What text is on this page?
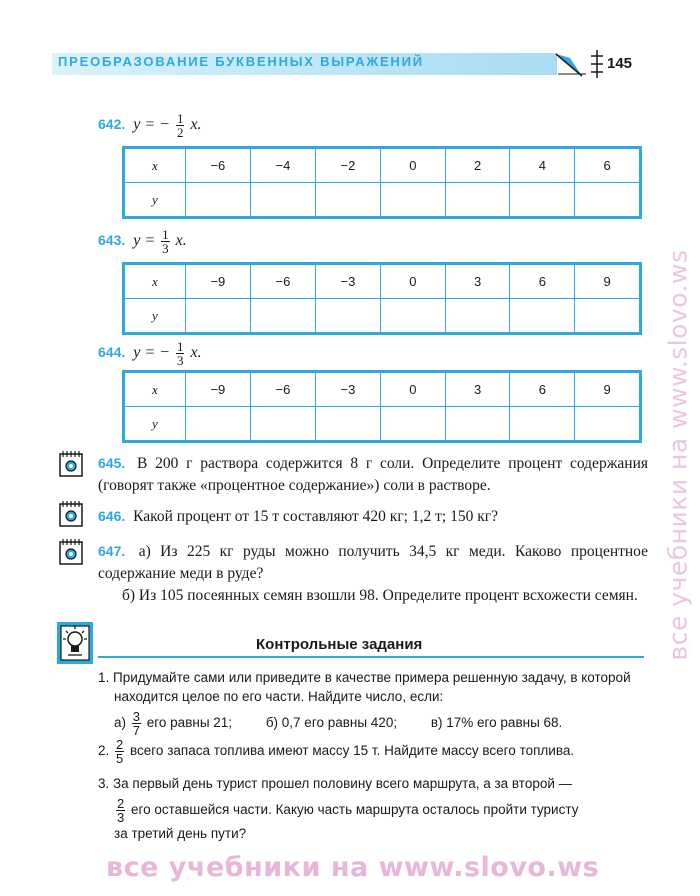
ПРЕОБРАЗОВАНИЕ БУКВЕННЫХ ВЫРАЖЕНИЙ	145
642. y = − $\frac{1}{2} x$.
x	−6	−4	−2	0	2	4	6
y							
643. $y = \frac{1}{3} x$.
x	−9	−6	−3	0	3	6	9
y							
644. y = − $\frac{1}{3} x$.
x	−9	−6	−3	0	3	6	9
y							
645. В 200 г раствора содержится 8 г соли. Определите процент содержания (говорят также «процентное содержание») соли в растворе.
646. Какой процент от 15 т составляют 420 кг; 1,2 т; 150 кг?
647. а) Из 225 кг руды можно получить 34,5 кг меди. Каково процентное содержание меди в руде?
б) Из 105 посеянных семян взошли 98. Определите процент всхожести семян.
Контрольные задания
1. Придумайте сами или приведите в качестве примера решенную задачу, в которой находится целое по его части. Найдите число, если:
$а) \frac{3}{7}$ его равны 21;	б) 0,7 его равны 420;	в) 17% его равны 68.
2. $\frac{2}{5}$ всего запаса топлива имеют массу 15 т. Найдите массу всего топлива.
3. За первый день турист прошел половину всего маршрута, а за второй —
$\frac{2}{3}$ его оставшейся части. Какую часть маршрута осталось пройти туристу
за третий день пути?
все учебники на www.slovo.ws
все учебники на www.slovo.ws
